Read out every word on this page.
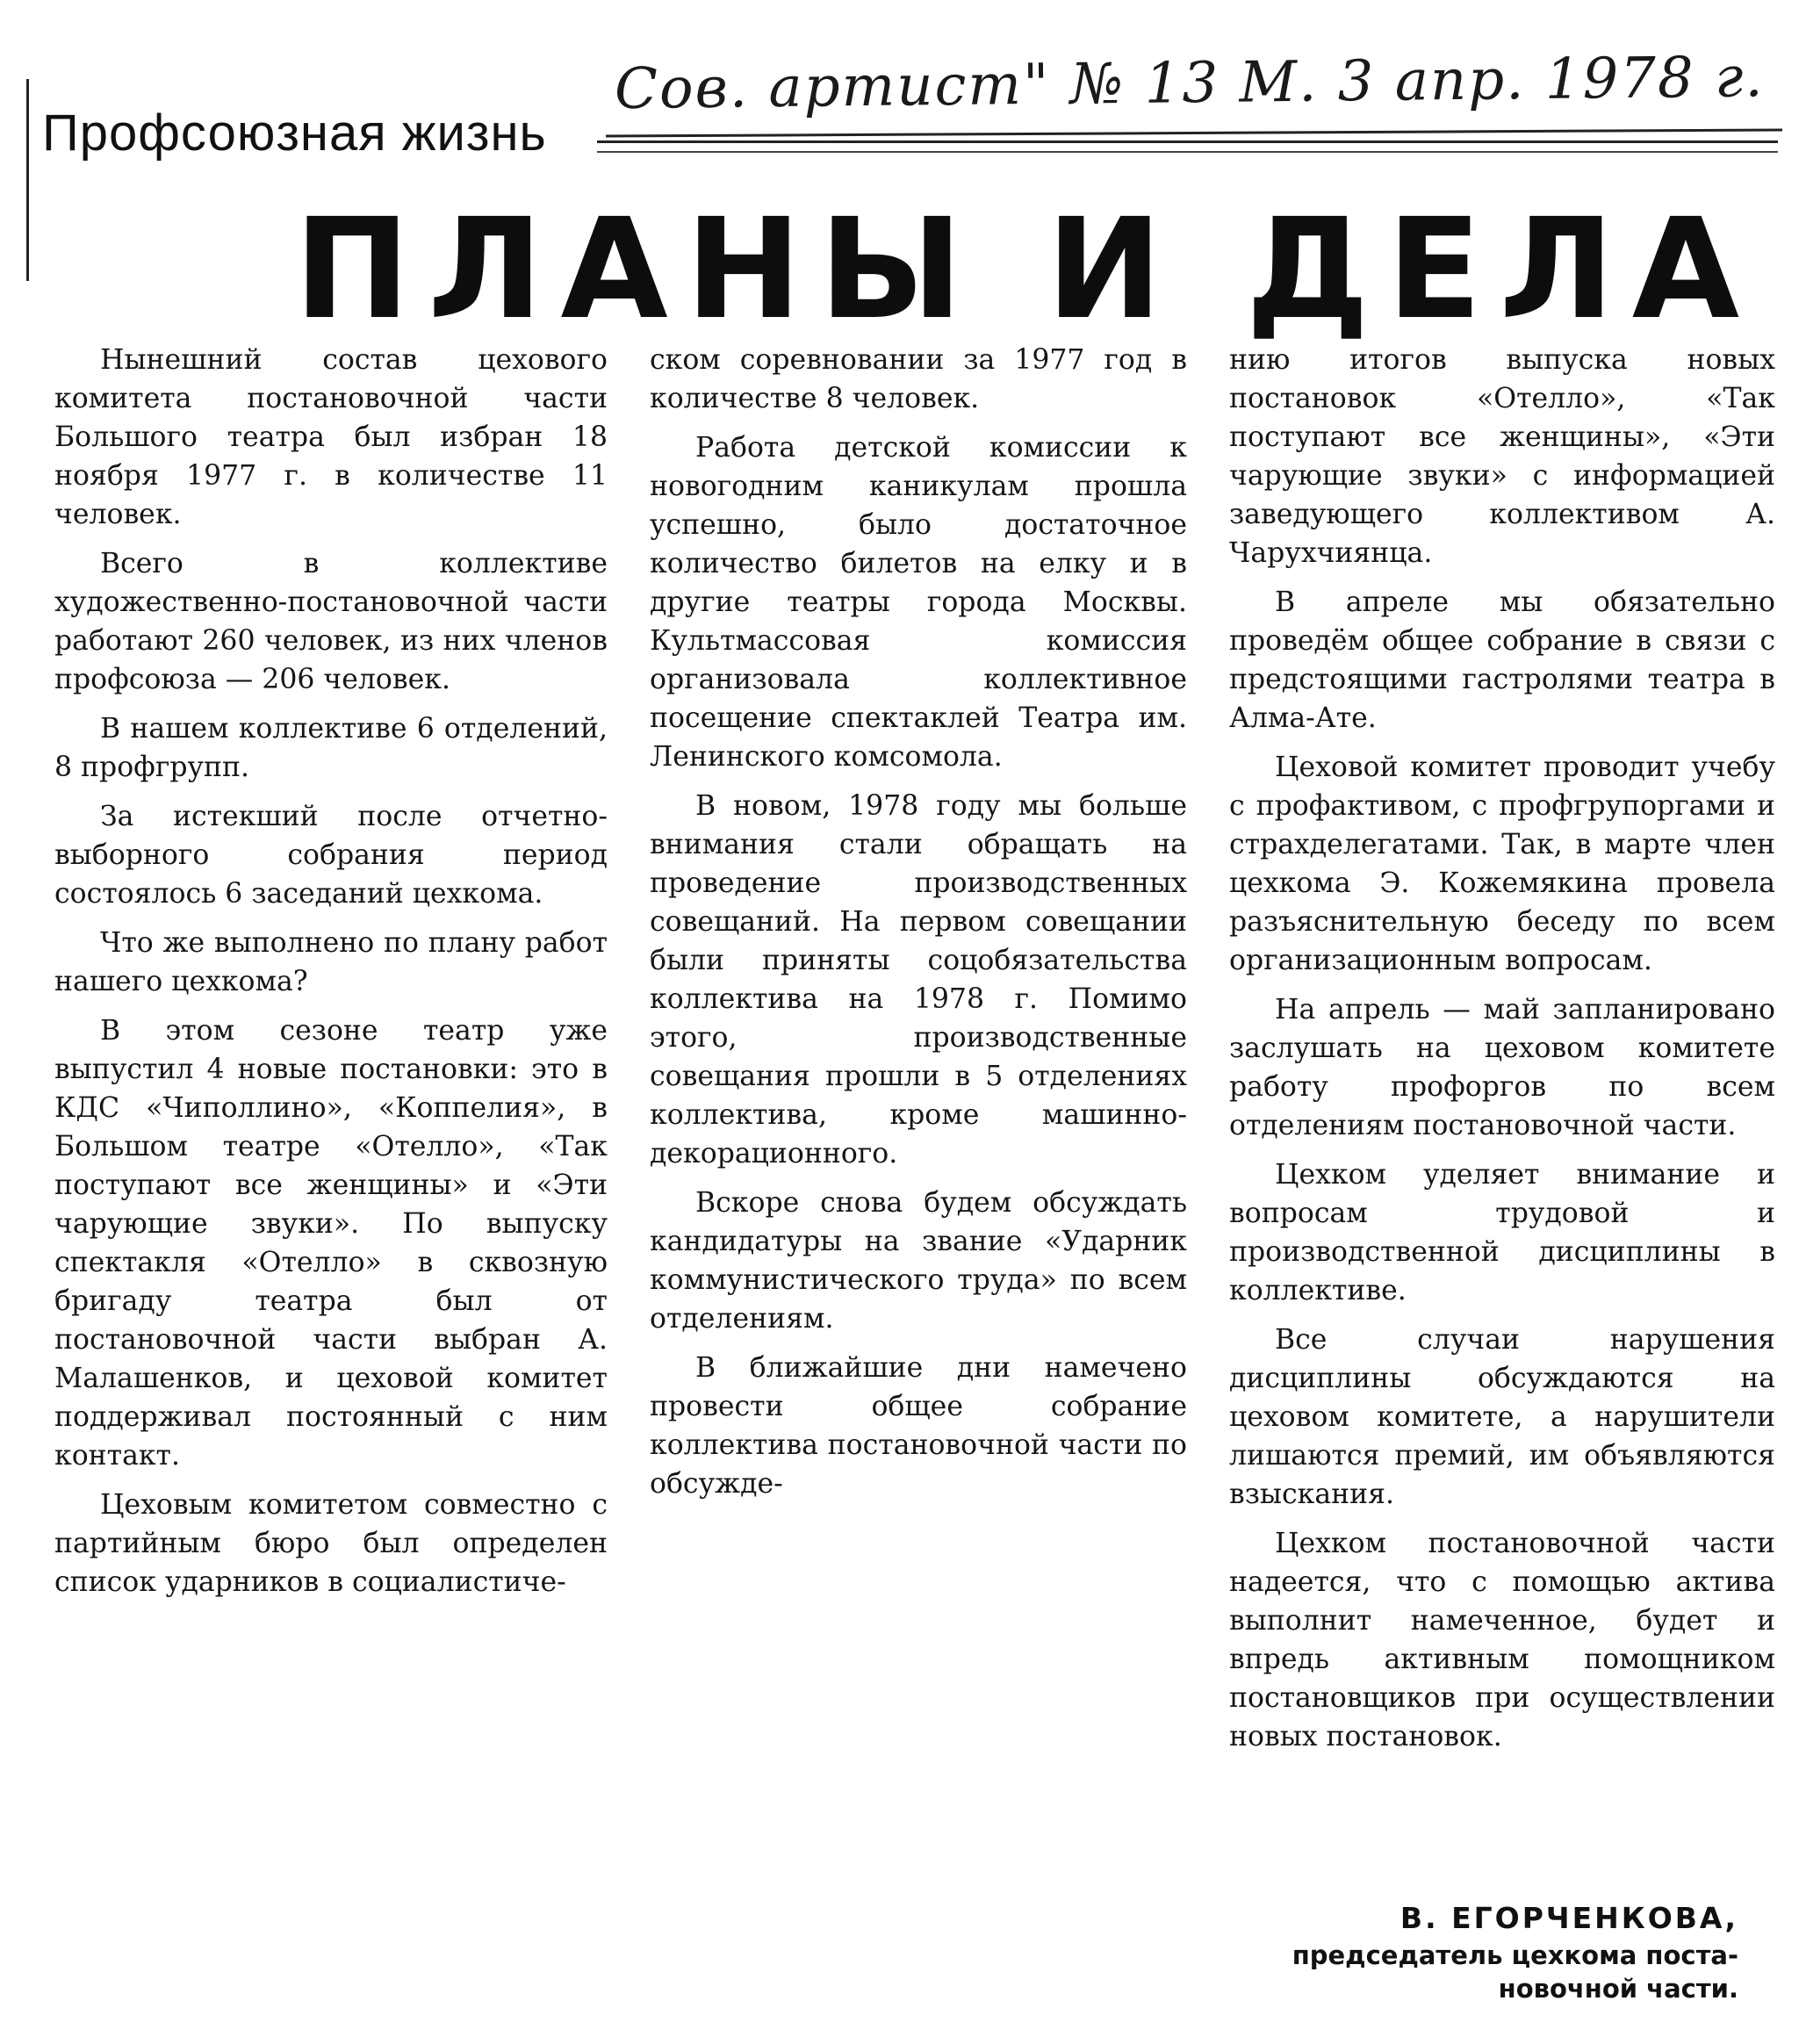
Сов. артист" № 13 М. 3 апр. 1978 г.
Профсоюзная жизнь
ПЛАНЫ И ДЕЛА

Нынешний состав цехового комитета постановочной части Большого театра был избран 18 ноября 1977 г. в количестве 11 человек.

Всего в коллективе художественно-постановочной части работают 260 человек, из них членов профсоюза — 206 человек.

В нашем коллективе 6 отделений, 8 профгрупп.

За истекший после отчетно-выборного собрания период состоялось 6 заседаний цехкома.

Что же выполнено по плану работ нашего цехкома?

В этом сезоне театр уже выпустил 4 новые постановки: это в КДС «Чиполлино», «Коппелия», в Большом театре «Отелло», «Так поступают все женщины» и «Эти чарующие звуки». По выпуску спектакля «Отелло» в сквозную бригаду театра был от постановочной части выбран А. Малашенков, и цеховой комитет поддерживал постоянный с ним контакт.

Цеховым комитетом совместно с партийным бюро был определен список ударников в социалистиче-

ском соревновании за 1977 год в количестве 8 человек.

Работа детской комиссии к новогодним каникулам прошла успешно, было достаточное количество билетов на елку и в другие театры города Москвы. Культмассовая комиссия организовала коллективное посещение спектаклей Театра им. Ленинского комсомола.

В новом, 1978 году мы больше внимания стали обращать на проведение производственных совещаний. На первом совещании были приняты соцобязательства коллектива на 1978 г. Помимо этого, производственные совещания прошли в 5 отделениях коллектива, кроме машинно-декорационного.

Вскоре снова будем обсуждать кандидатуры на звание «Ударник коммунистического труда» по всем отделениям.

В ближайшие дни намечено провести общее собрание коллектива постановочной части по обсужде-

нию итогов выпуска новых постановок «Отелло», «Так поступают все женщины», «Эти чарующие звуки» с информацией заведующего коллективом А. Чарухчиянца.

В апреле мы обязательно проведём общее собрание в связи с предстоящими гастролями театра в Алма-Ате.

Цеховой комитет проводит учебу с профактивом, с профгрупоргами и страхделегатами. Так, в марте член цехкома Э. Кожемякина провела разъяснительную беседу по всем организационным вопросам.

На апрель — май запланировано заслушать на цеховом комитете работу профоргов по всем отделениям постановочной части.

Цехком уделяет внимание и вопросам трудовой и производственной дисциплины в коллективе.

Все случаи нарушения дисциплины обсуждаются на цеховом комитете, а нарушители лишаются премий, им объявляются взыскания.

Цехком постановочной части надеется, что с помощью актива выполнит намеченное, будет и впредь активным помощником постановщиков при осуществлении новых постановок.

В. ЕГОРЧЕНКОВА,
председатель цехкома поста-
новочной части.
